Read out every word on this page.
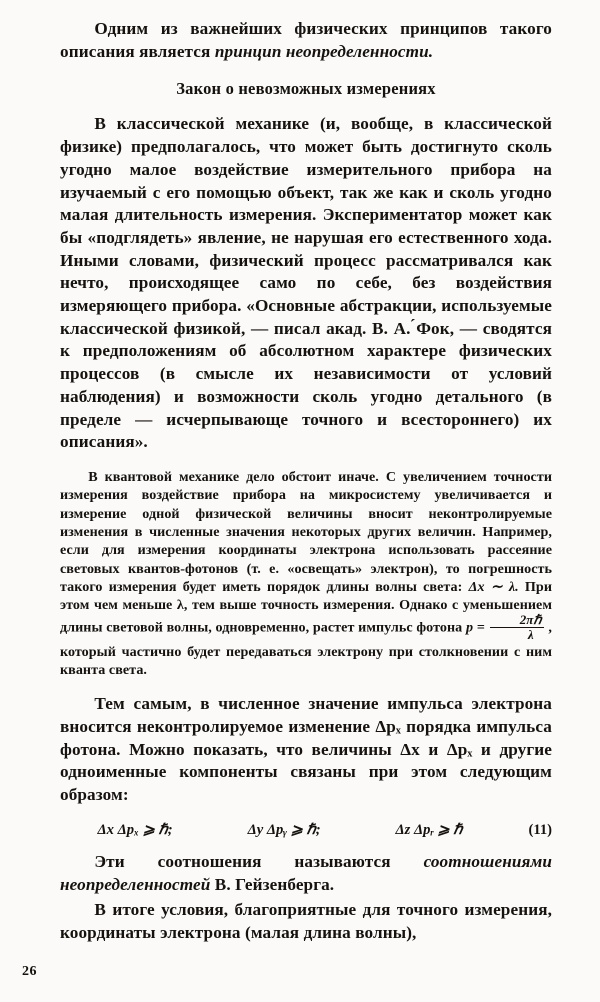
Одним из важнейших физических принципов такого описания является принцип неопределенности.

Закон о невозможных измерениях

В классической механике (и, вообще, в классической физике) предполагалось, что может быть достигнуто сколь угодно малое воздействие измерительного прибора на изучаемый с его помощью объект, так же как и сколь угодно малая длительность измерения. Экспериментатор может как бы «подглядеть» явление, не нарушая его естественного хода. Иными словами, физический процесс рассматривался как нечто, происходящее само по себе, без воздействия измеряющего прибора. «Основные абстракции, используемые классической физикой, — писал акад. В. А. ́Фок, — сводятся к предположениям об абсолютном характере физических процессов (в смысле их независимости от условий наблюдения) и возможности сколь угодно детального (в пределе — исчерпывающе точного и всестороннего) их описания».

В квантовой механике дело обстоит иначе. С увеличением точности измерения воздействие прибора на микросистему увеличивается и измерение одной физической величины вносит неконтролируемые изменения в численные значения некоторых других величин. Например, если для измерения координаты электрона использовать рассеяние световых квантов-фотонов (т. е. «освещать» электрон), то погрешность такого измерения будет иметь порядок длины волны света: Δx ∼ λ. При этом чем меньше λ, тем выше точность измерения. Однако с уменьшением длины световой волны, одновременно, растет импульс фотона $p = \frac{\text{2πℏ}}{\lambda}$ , который частично будет передаваться электрону при столкновении с ним кванта света.

Тем самым, в численное значение импульса электрона вносится неконтролируемое изменение Δpₓ порядка импульса фотона. Можно показать, что величины Δx и Δpₓ и другие одноименные компоненты связаны при этом следующим образом:

Δx Δpₓ ⩾ ℏ;	Δy Δpᵧ ⩾ ℏ;	Δz Δpᵣ ⩾ ℏ	(11)

Эти соотношения называются соотношениями неопределенностей В. Гейзенберга.

В итоге условия, благоприятные для точного измерения, координаты электрона (малая длина волны),

26
